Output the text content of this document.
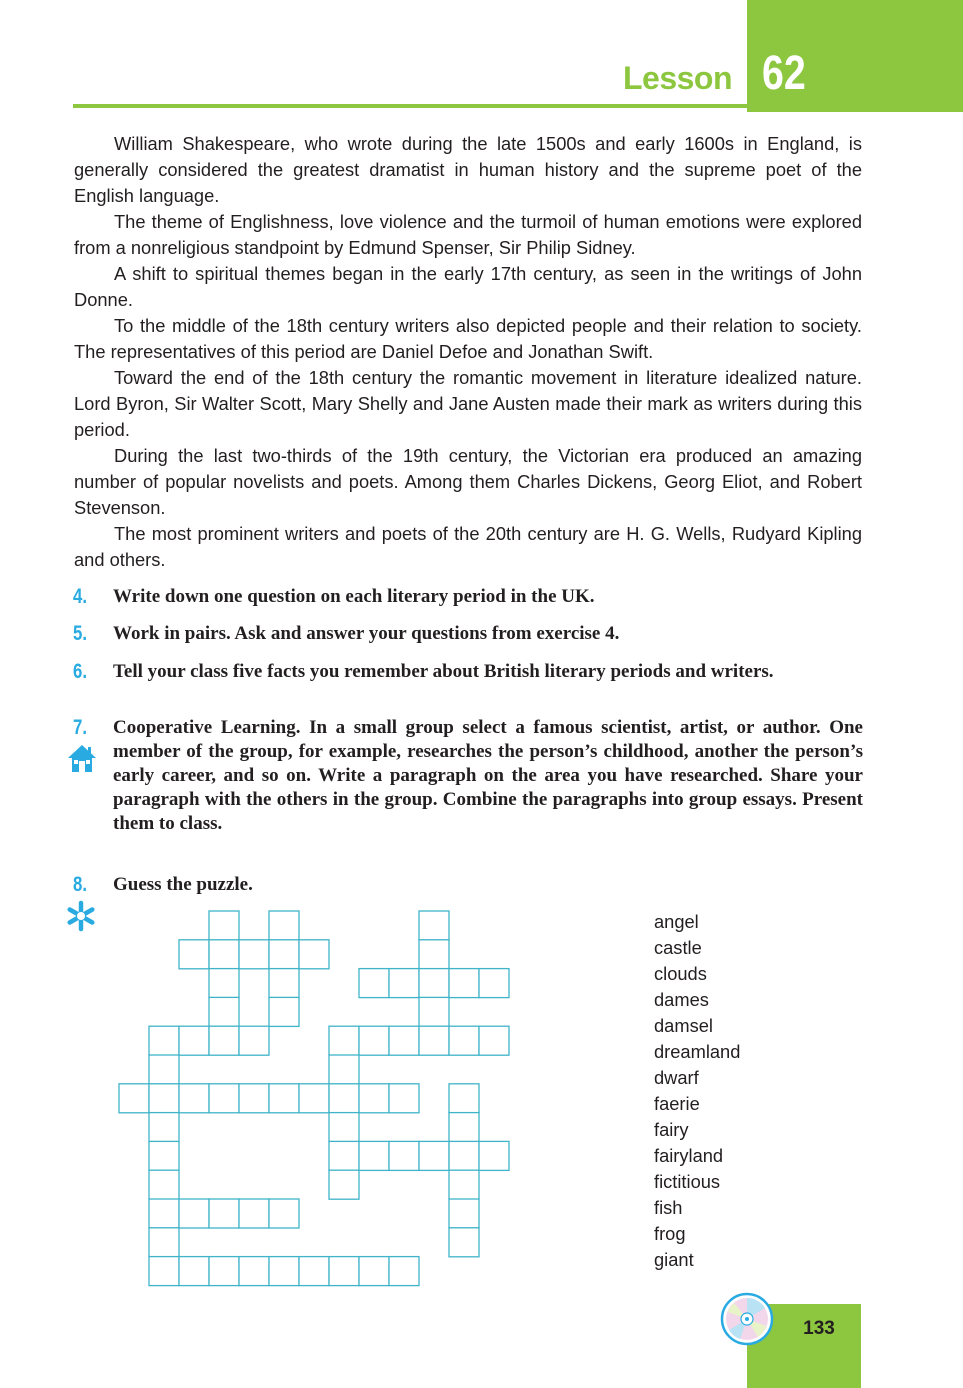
62
Lesson

William Shakespeare, who wrote during the late 1500s and early 1600s in England, is generally considered the greatest dramatist in human history and the supreme poet of the English language.

The theme of Englishness, love violence and the turmoil of human emotions were explored from a nonreligious standpoint by Edmund Spenser, Sir Philip Sidney.

A shift to spiritual themes began in the early 17th century, as seen in the writings of John Donne.

To the middle of the 18th century writers also depicted people and their relation to society. The representatives of this period are Daniel Defoe and Jonathan Swift.

Toward the end of the 18th century the romantic movement in literature idealized nature. Lord Byron, Sir Walter Scott, Mary Shelly and Jane Austen made their mark as writers during this period.

During the last two-thirds of the 19th century, the Victorian era produced an amazing number of popular novelists and poets. Among them Charles Dickens, Georg Eliot, and Robert Stevenson.

The most prominent writers and poets of the 20th century are H. G. Wells, Rudyard Kipling and others.

4. Write down one question on each literary period in the UK.
5. Work in pairs. Ask and answer your questions from exercise 4.
6. Tell your class five facts you remember about British literary periods and writers.
7. Cooperative Learning. In a small group select a famous scientist, artist, or author. One member of the group, for example, researches the person’s childhood, another the person’s early career, and so on. Write a paragraph on the area you have researched. Share your paragraph with the others in the group. Combine the paragraphs into group essays. Present them to class.
8. Guess the puzzle.
angel
castle
clouds
dames
damsel
dreamland
dwarf
faerie
fairy
fairyland
fictitious
fish
frog
giant
133
